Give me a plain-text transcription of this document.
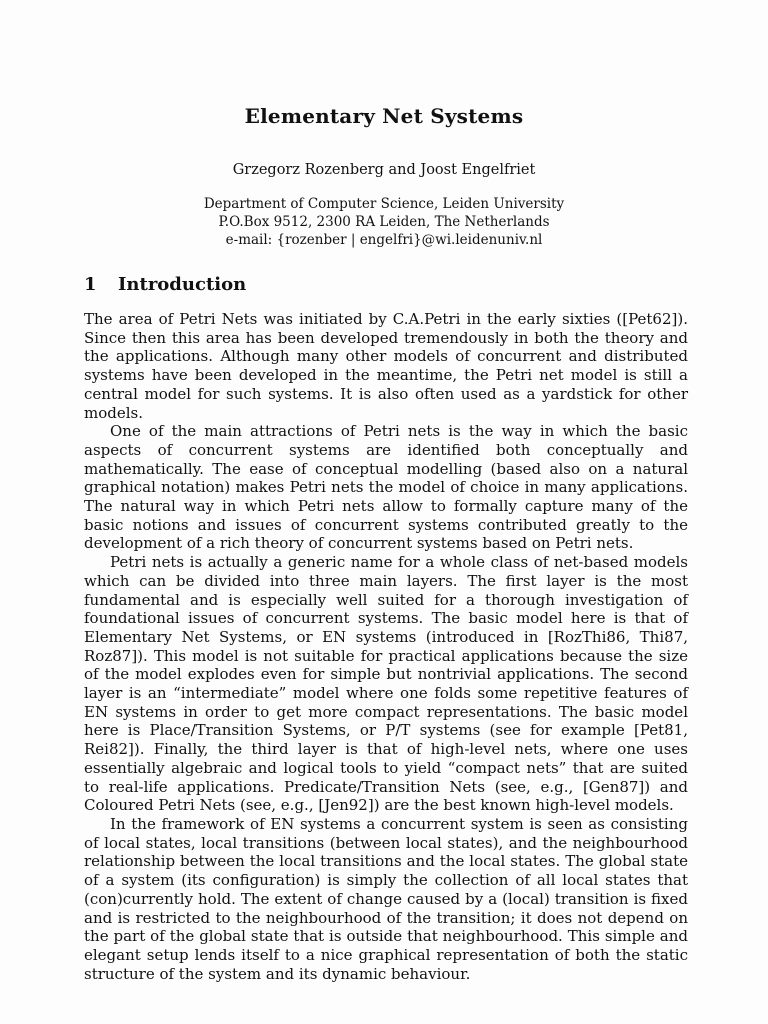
Elementary Net Systems
Grzegorz Rozenberg and Joost Engelfriet
Department of Computer Science, Leiden University
P.O.Box 9512, 2300 RA Leiden, The Netherlands
e-mail: {rozenber | engelfri}@wi.leidenuniv.nl
1 Introduction

The area of Petri Nets was initiated by C.A.Petri in the early sixties ([Pet62]). Since then this area has been developed tremendously in both the theory and the applications. Although many other models of concurrent and distributed systems have been developed in the meantime, the Petri net model is still a central model for such systems. It is also often used as a yardstick for other models.

One of the main attractions of Petri nets is the way in which the basic aspects of concurrent systems are identified both conceptually and mathematically. The ease of conceptual modelling (based also on a natural graphical notation) makes Petri nets the model of choice in many applications. The natural way in which Petri nets allow to formally capture many of the basic notions and issues of concurrent systems contributed greatly to the development of a rich theory of concurrent systems based on Petri nets.

Petri nets is actually a generic name for a whole class of net-based models which can be divided into three main layers. The first layer is the most fundamental and is especially well suited for a thorough investigation of foundational issues of concurrent systems. The basic model here is that of Elementary Net Systems, or EN systems (introduced in [RozThi86, Thi87, Roz87]). This model is not suitable for practical applications because the size of the model explodes even for simple but nontrivial applications. The second layer is an “intermediate” model where one folds some repetitive features of EN systems in order to get more compact representations. The basic model here is Place/Transition Systems, or P/T systems (see for example [Pet81, Rei82]). Finally, the third layer is that of high-level nets, where one uses essentially algebraic and logical tools to yield “compact nets” that are suited to real-life applications. Predicate/Transition Nets (see, e.g., [Gen87]) and Coloured Petri Nets (see, e.g., [Jen92]) are the best known high-level models.

In the framework of EN systems a concurrent system is seen as consisting of local states, local transitions (between local states), and the neighbourhood relationship between the local transitions and the local states. The global state of a system (its configuration) is simply the collection of all local states that (con)currently hold. The extent of change caused by a (local) transition is fixed and is restricted to the neighbourhood of the transition; it does not depend on the part of the global state that is outside that neighbourhood. This simple and elegant setup lends itself to a nice graphical representation of both the static structure of the system and its dynamic behaviour.
